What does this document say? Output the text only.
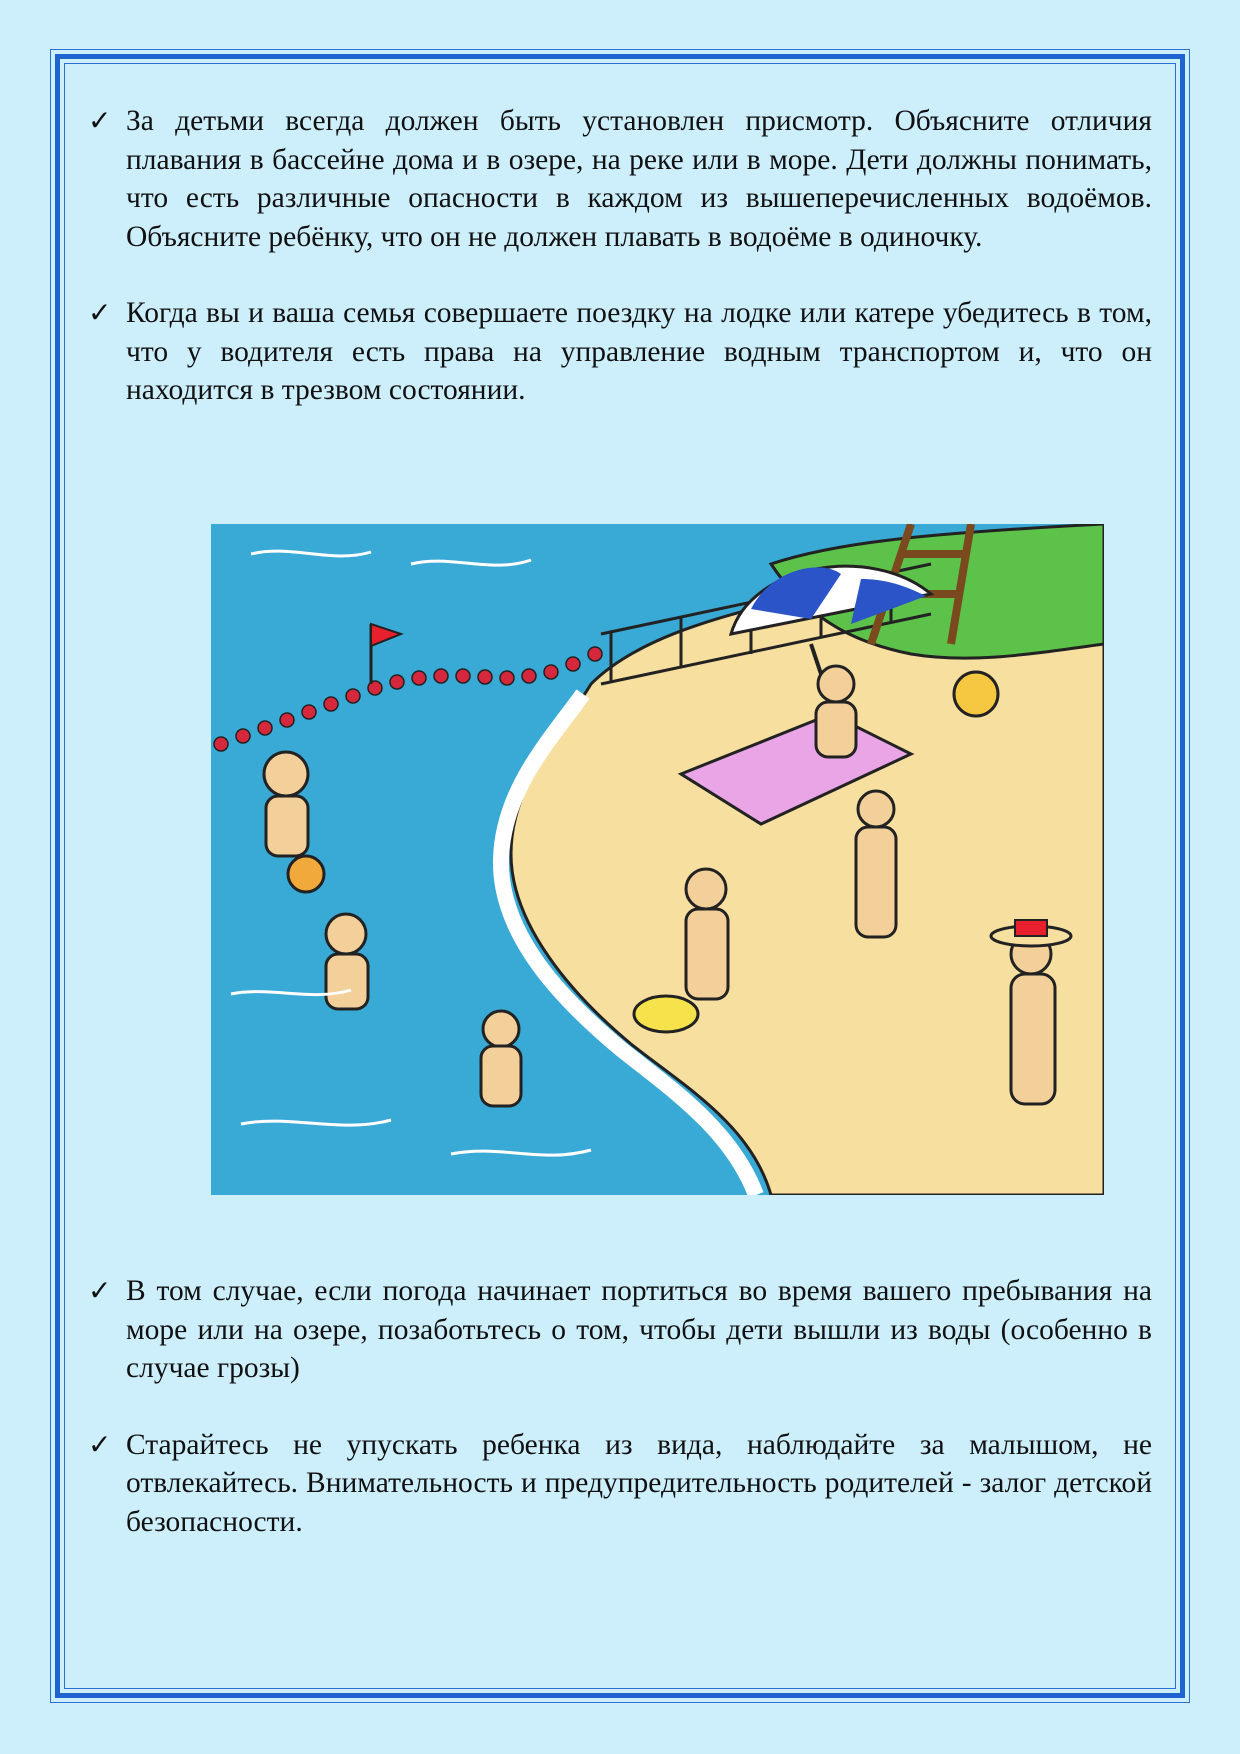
✓ За детьми всегда должен быть установлен присмотр. Объясните отличия плавания в бассейне дома и в озере, на реке или в море. Дети должны понимать, что есть различные опасности в каждом из вышеперечисленных водоёмов. Объясните ребёнку, что он не должен плавать в водоёме в одиночку.
✓ Когда вы и ваша семья совершаете поездку на лодке или катере убедитесь в том, что у водителя есть права на управление водным транспортом и, что он находится в трезвом состоянии.
✓ В том случае, если погода начинает портиться во время вашего пребывания на море или на озере, позаботьтесь о том, чтобы дети вышли из воды (особенно в случае грозы)
✓ Старайтесь не упускать ребенка из вида, наблюдайте за малышом, не отвлекайтесь. Внимательность и предупредительность родителей - залог детской безопасности.
